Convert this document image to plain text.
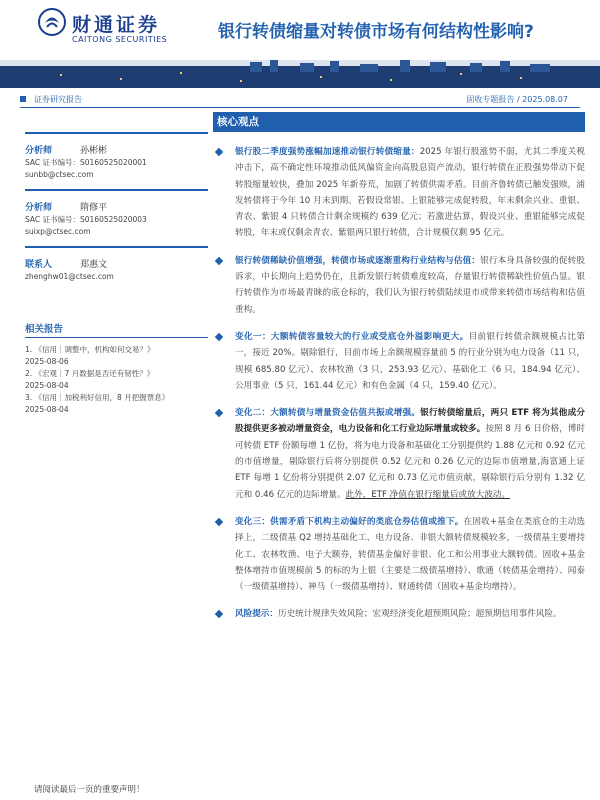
财通证券
CAITONG SECURITIES	银行转债缩量对转债市场有何结构性影响?
证券研究报告	固收专题报告 / 2025.08.07
分析师	孙彬彬
SAC 证书编号：S0160525020001
sunbb@ctsec.com
分析师	隋修平
SAC 证书编号：S0160525020003
suixp@ctsec.com
联系人	郑惠文
zhenghw01@ctsec.com
相关报告
1. 《信用｜调整中，机构如何交易？》
2025-08-06
2. 《宏观｜7 月数据是否还有韧性？》
2025-08-04
3. 《信用｜加税利好信用，8 月把握票息》
2025-08-04
核心观点
银行股二季度强势涨幅加速推动银行转债缩量：2025 年银行股涨势不弱，尤其二季度关税冲击下，高不确定性环境推动低风偏资金向高股息资产流动，银行转债在正股强势带动下促转股缩量较快，叠加 2025 年新券荒，加剧了转债供需矛盾。目前齐鲁转债已触发强赎，浦发转债将于今年 10 月末到期。若假设常银、上银能够完成促转股，年末剩余兴业、重银、青农、紫银 4 只转债合计剩余规模约 639 亿元；若激进估算，假设兴业、重银能够完成促转股，年末或仅剩余青农、紫银两只银行转债，合计规模仅剩 95 亿元。
银行转债稀缺价值增强，转债市场或逐渐重构行业结构与估值：银行本身具备较强的促转股诉求，中长期向上趋势仍在，且新发银行转债难度较高，存量银行转债稀缺性价值凸显。银行转债作为市场最青睐的底仓标的，我们认为银行转债陆续退市或带来转债市场结构和估值重构。
变化一：大额转债容量较大的行业或受底仓外溢影响更大。目前银行转债余额规模占比第一，接近 20%。剔除银行，目前市场上余额规模容量前 5 的行业分别为电力设备（11 只，规模 685.80 亿元）、农林牧渔（3 只，253.93 亿元）、基础化工（6 只，184.94 亿元）、公用事业（5 只，161.44 亿元）和有色金属（4 只，159.40 亿元）。
变化二：大额转债与增量资金估值共振或增强。银行转债缩量后，两只 ETF 将为其他成分股提供更多被动增量资金，电力设备和化工行业边际增量或较多。按照 8 月 6 日价格，博时可转债 ETF 份额每增 1 亿份，将为电力设备和基础化工分别提供约 1.88 亿元和 0.92 亿元的市值增量，剔除银行后将分别提供 0.52 亿元和 0.26 亿元的边际市值增量,海富通上证 ETF 每增 1 亿份将分别提供 2.07 亿元和 0.73 亿元市值贡献，剔除银行后分别有 1.32 亿元和 0.46 亿元的边际增量。此外，ETF 净值在银行缩量后或放大波动。
变化三：供需矛盾下机构主动偏好的类底仓券估值或推下。在固收+基金在类底仓的主动选择上，二级债基 Q2 增持基础化工、电力设备、非银大额转债规模较多，一级债基主要增持化工、农林牧渔、电子大额券，转债基金偏好非银、化工和公用事业大额转债。固收+基金整体增持市值规模前 5 的标的为上银（主要是二级债基增持）、歌通（转债基金增持）、闻泰（一级债基增持）、神马（一级债基增持）、财通转债（固收+基金均增持）。
风险提示：历史统计规律失效风险；宏观经济变化超预期风险；超预期信用事件风险。
请阅读最后一页的重要声明！
